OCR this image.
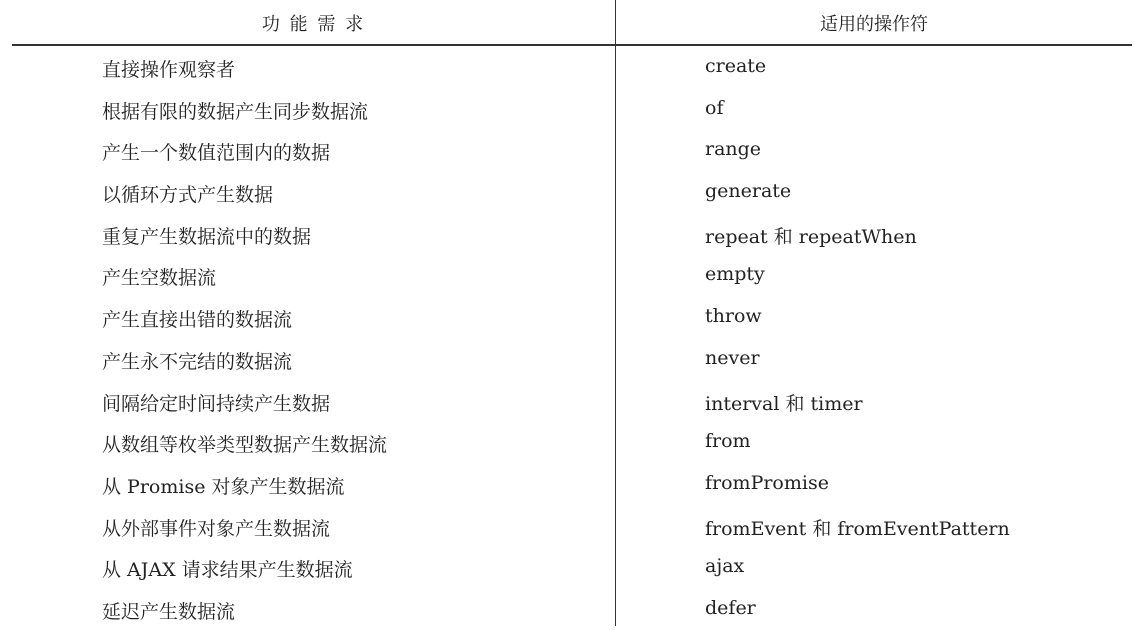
功 能 需 求	适用的操作符
直接操作观察者	create
根据有限的数据产生同步数据流	of
产生一个数值范围内的数据	range
以循环方式产生数据	generate
重复产生数据流中的数据	repeat 和 repeatWhen
产生空数据流	empty
产生直接出错的数据流	throw
产生永不完结的数据流	never
间隔给定时间持续产生数据	interval 和 timer
从数组等枚举类型数据产生数据流	from
从 Promise 对象产生数据流	fromPromise
从外部事件对象产生数据流	fromEvent 和 fromEventPattern
从 AJAX 请求结果产生数据流	ajax
延迟产生数据流	defer
